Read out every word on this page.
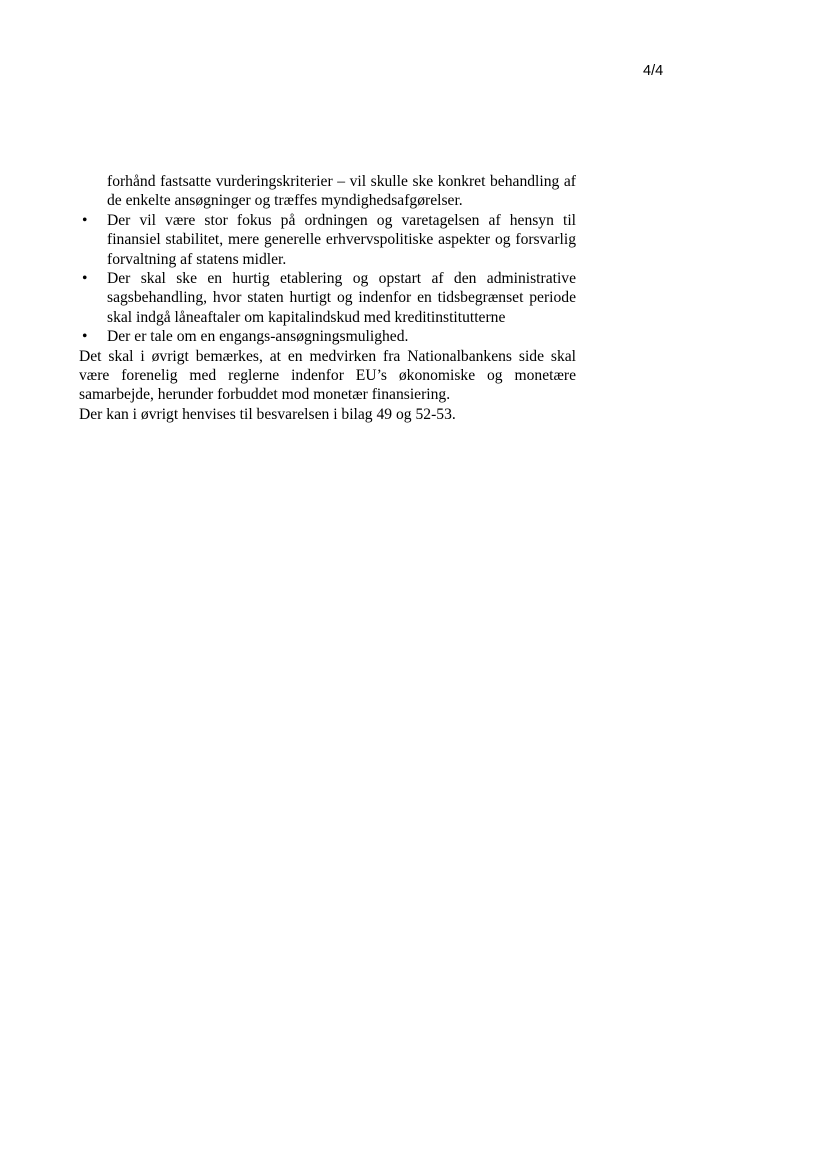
4/4

forhånd fastsatte vurderingskriterier – vil skulle ske konkret behandling af de enkelte ansøgninger og træffes myndighedsafgørelser.

• Der vil være stor fokus på ordningen og varetagelsen af hensyn til finansiel stabilitet, mere generelle erhvervspolitiske aspekter og forsvarlig forvaltning af statens midler.
• Der skal ske en hurtig etablering og opstart af den administrative sagsbehandling, hvor staten hurtigt og indenfor en tidsbegrænset periode skal indgå låneaftaler om kapitalindskud med kreditinstitutterne
• Der er tale om en engangs-ansøgningsmulighed.

Det skal i øvrigt bemærkes, at en medvirken fra Nationalbankens side skal være forenelig med reglerne indenfor EU’s økonomiske og monetære samarbejde, herunder forbuddet mod monetær finansiering.

Der kan i øvrigt henvises til besvarelsen i bilag 49 og 52-53.
